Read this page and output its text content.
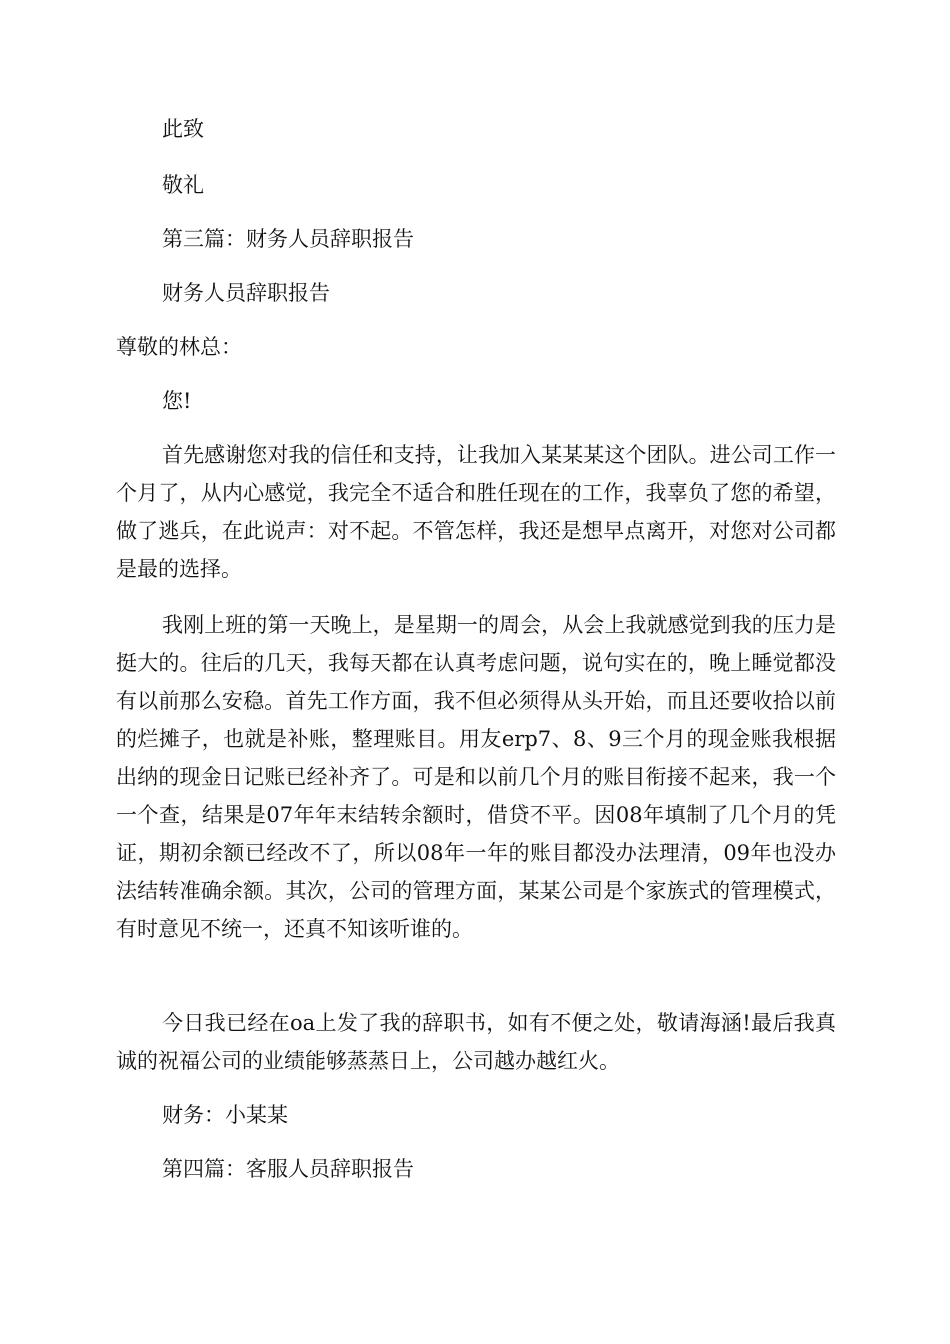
此致
敬礼
第三篇：财务人员辞职报告
财务人员辞职报告
尊敬的林总：
您!

首先感谢您对我的信任和支持，让我加入某某某这个团队。进公司工作一个月了，从内心感觉，我完全不适合和胜任现在的工作，我辜负了您的希望，做了逃兵，在此说声：对不起。不管怎样，我还是想早点离开，对您对公司都是最的选择。

我刚上班的第一天晚上，是星期一的周会，从会上我就感觉到我的压力是挺大的。往后的几天，我每天都在认真考虑问题，说句实在的，晚上睡觉都没有以前那么安稳。首先工作方面，我不但必须得从头开始，而且还要收拾以前的烂摊子，也就是补账，整理账目。用友erp7、8、9三个月的现金账我根据出纳的现金日记账已经补齐了。可是和以前几个月的账目衔接不起来，我一个一个查，结果是07年年末结转余额时，借贷不平。因08年填制了几个月的凭证，期初余额已经改不了，所以08年一年的账目都没办法理清，09年也没办法结转准确余额。其次，公司的管理方面，某某公司是个家族式的管理模式，有时意见不统一，还真不知该听谁的。

今日我已经在oa上发了我的辞职书，如有不便之处，敬请海涵!最后我真诚的祝福公司的业绩能够蒸蒸日上，公司越办越红火。

财务：小某某
第四篇：客服人员辞职报告
